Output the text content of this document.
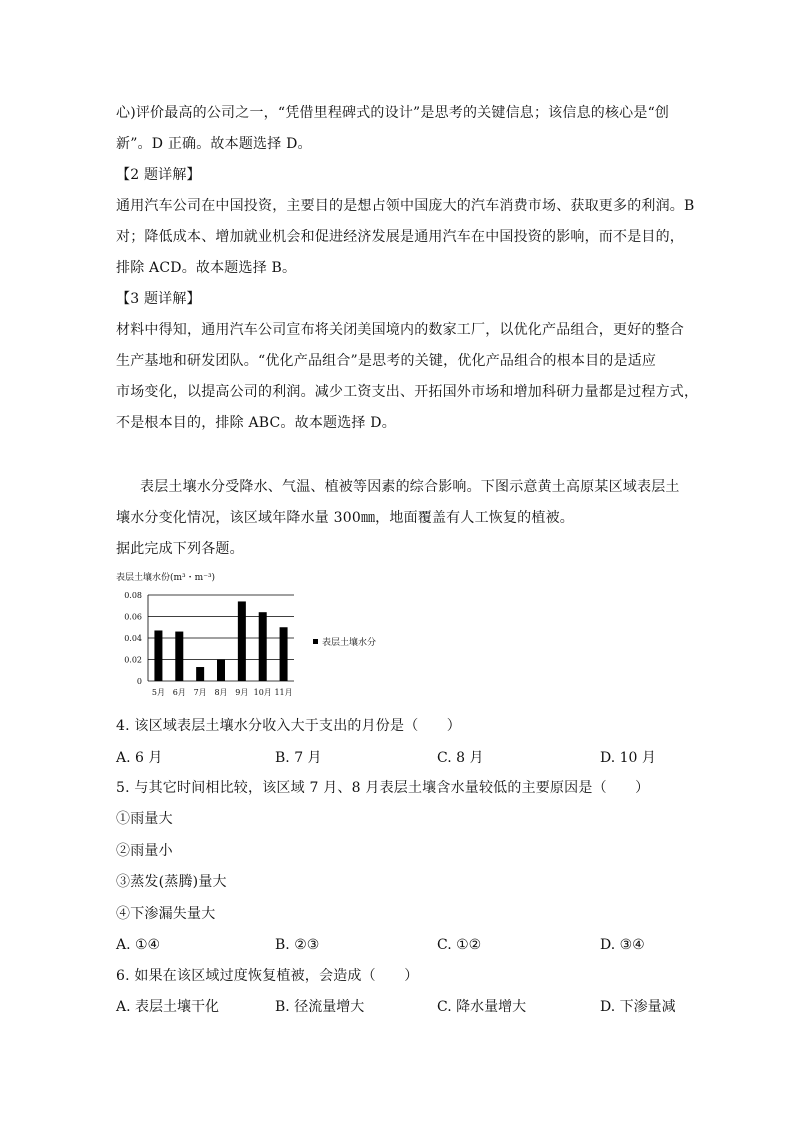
心)评价最高的公司之一，“凭借里程碑式的设计”是思考的关键信息；该信息的核心是“创
新”。D 正确。故本题选择 D。
【2 题详解】
通用汽车公司在中国投资，主要目的是想占领中国庞大的汽车消费市场、获取更多的利润。B
对；降低成本、增加就业机会和促进经济发展是通用汽车在中国投资的影响，而不是目的，
排除 ACD。故本题选择 B。
【3 题详解】
材料中得知，通用汽车公司宣布将关闭美国境内的数家工厂，以优化产品组合，更好的整合
生产基地和研发团队。“优化产品组合”是思考的关键，优化产品组合的根本目的是适应
市场变化，以提高公司的利润。减少工资支出、开拓国外市场和增加科研力量都是过程方式，
不是根本目的，排除 ABC。故本题选择 D。
表层土壤水分受降水、气温、植被等因素的综合影响。下图示意黄土高原某区域表层土
壤水分变化情况，该区域年降水量 300㎜，地面覆盖有人工恢复的植被。
据此完成下列各题。
表层土壤水份(m³・m⁻³)
0
0.02
0.04
0.06
0.08
5月 6月 7月 8月 9月 10月 11月
表层土壤水分
4. 该区域表层土壤水分收入大于支出的月份是（　　）
A. 6 月	B. 7 月	C. 8 月	D. 10 月
5. 与其它时间相比较，该区域 7 月、8 月表层土壤含水量较低的主要原因是（　　）
①雨量大
②雨量小
③蒸发(蒸腾)量大
④下渗漏失量大
A. ①④	B. ②③	C. ①②	D. ③④
6. 如果在该区域过度恢复植被，会造成（　　）
A. 表层土壤干化	B. 径流量增大	C. 降水量增大	D. 下渗量减
